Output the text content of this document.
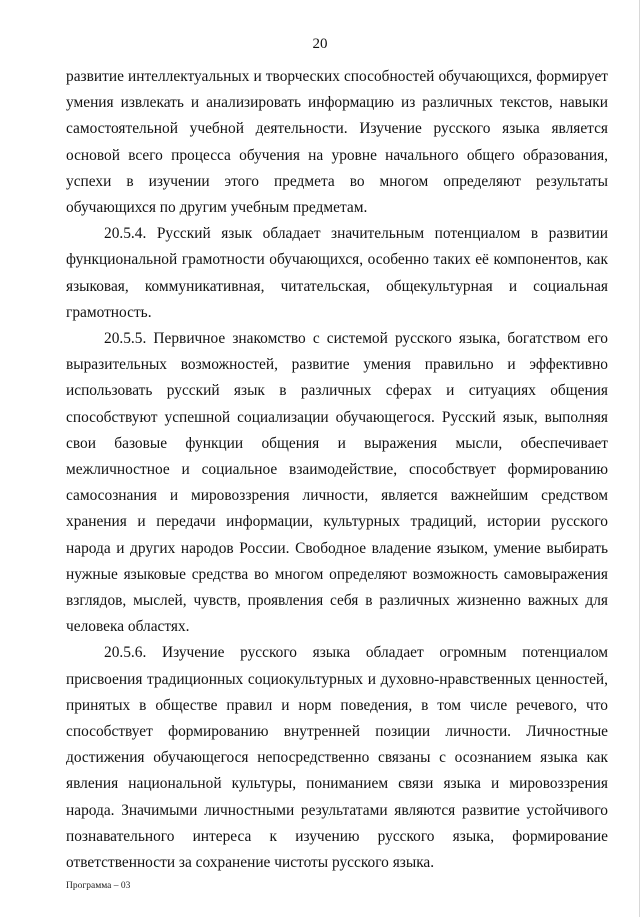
20

развитие интеллектуальных и творческих способностей обучающихся, формирует умения извлекать и анализировать информацию из различных текстов, навыки самостоятельной учебной деятельности. Изучение русского языка является основой всего процесса обучения на уровне начального общего образования, успехи в изучении этого предмета во многом определяют результаты обучающихся по другим учебным предметам.

20.5.4. Русский язык обладает значительным потенциалом в развитии функциональной грамотности обучающихся, особенно таких её компонентов, как языковая, коммуникативная, читательская, общекультурная и социальная грамотность.

20.5.5. Первичное знакомство с системой русского языка, богатством его выразительных возможностей, развитие умения правильно и эффективно использовать русский язык в различных сферах и ситуациях общения способствуют успешной социализации обучающегося. Русский язык, выполняя свои базовые функции общения и выражения мысли, обеспечивает межличностное и социальное взаимодействие, способствует формированию самосознания и мировоззрения личности, является важнейшим средством хранения и передачи информации, культурных традиций, истории русского народа и других народов России. Свободное владение языком, умение выбирать нужные языковые средства во многом определяют возможность самовыражения взглядов, мыслей, чувств, проявления себя в различных жизненно важных для человека областях.

20.5.6. Изучение русского языка обладает огромным потенциалом присвоения традиционных социокультурных и духовно-нравственных ценностей, принятых в обществе правил и норм поведения, в том числе речевого, что способствует формированию внутренней позиции личности. Личностные достижения обучающегося непосредственно связаны с осознанием языка как явления национальной культуры, пониманием связи языка и мировоззрения народа. Значимыми личностными результатами являются развитие устойчивого познавательного интереса к изучению русского языка, формирование ответственности за сохранение чистоты русского языка.

Программа – 03
